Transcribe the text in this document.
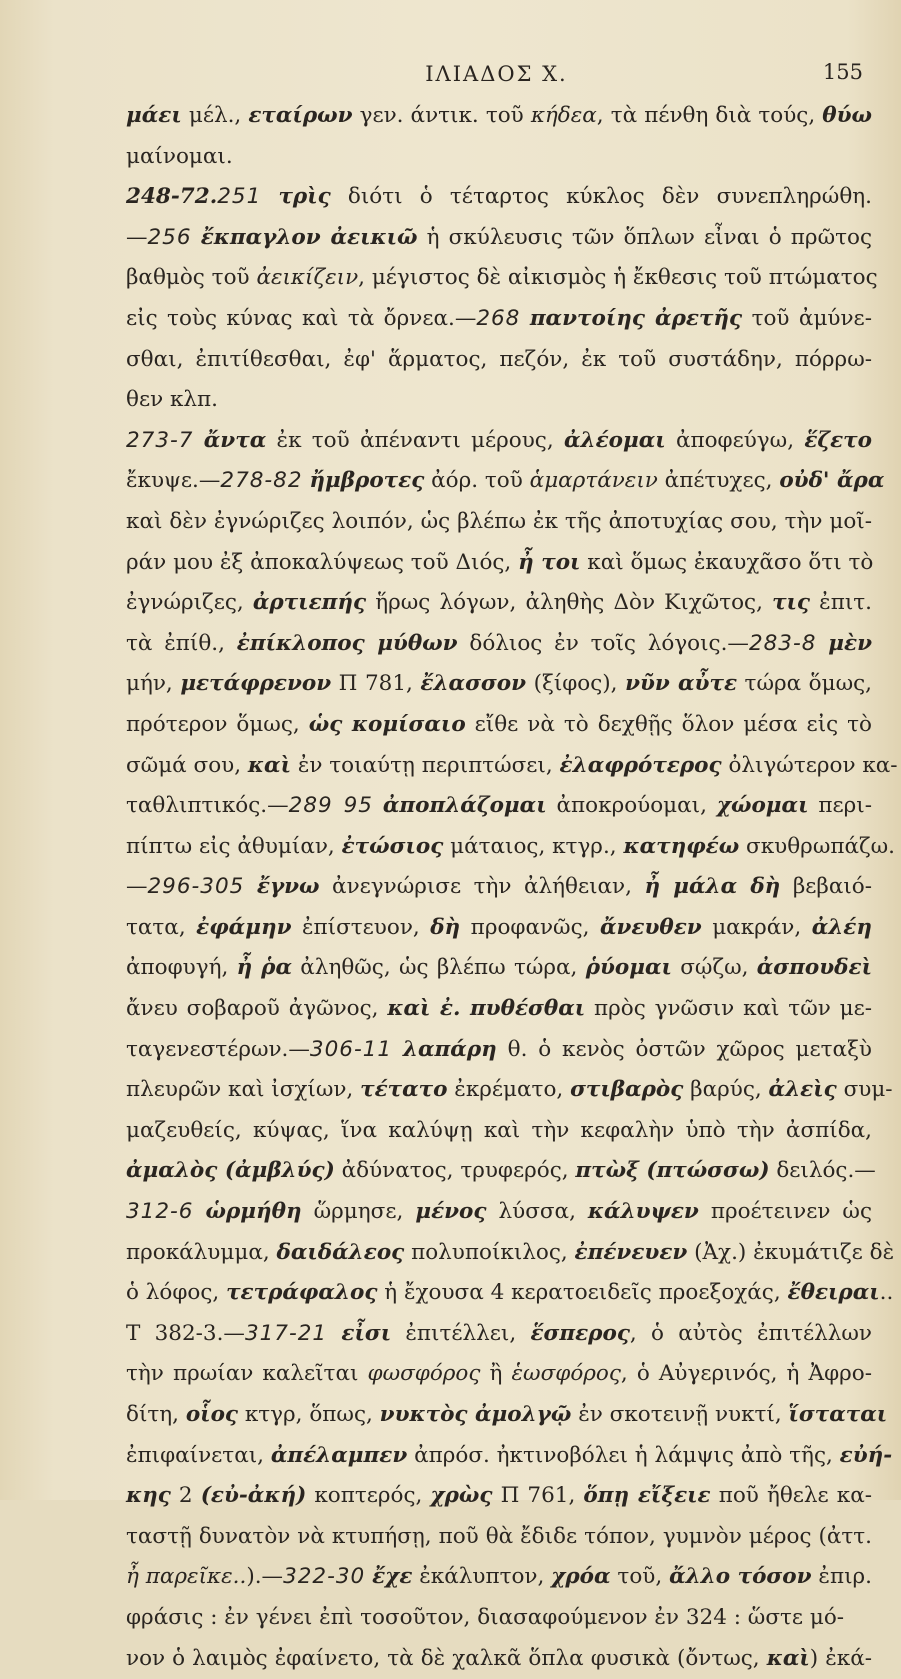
ΙΛΙΑΔΟΣ Χ.	155
μάει μέλ., εταίρων γεν. άντικ. τοῦ κήδεα, τὰ πένθη διὰ τούς, θύω
μαίνομαι.
248-72.251 τρὶς διότι ὁ τέταρτος κύκλος δὲν συνεπληρώθη.
—256 ἔκπαγλον ἀεικιῶ ἡ σκύλευσις τῶν ὅπλων εἶναι ὁ πρῶτος
βαθμὸς τοῦ ἀεικίζειν, μέγιστος δὲ αἰκισμὸς ἡ ἔκθεσις τοῦ πτώματος
εἰς τοὺς κύνας καὶ τὰ ὄρνεα.—268 παντοίης ἀρετῆς τοῦ ἀμύνε-
σθαι, ἐπιτίθεσθαι, ἐφ' ἅρματος, πεζόν, ἐκ τοῦ συστάδην, πόρρω-
θεν κλπ.
273-7 ἄντα ἐκ τοῦ ἀπέναντι μέρους, ἀλέομαι ἀποφεύγω, ἕζετο
ἔκυψε.—278-82 ἤμβροτες ἀόρ. τοῦ ἁμαρτάνειν ἀπέτυχες, οὐδ' ἄρα
καὶ δὲν ἐγνώριζες λοιπόν, ὡς βλέπω ἐκ τῆς ἀποτυχίας σου, τὴν μοῖ-
ράν μου ἐξ ἀποκαλύψεως τοῦ Διός, ἦ τοι καὶ ὅμως ἐκαυχᾶσο ὅτι τὸ
ἐγνώριζες, ἀρτιεπής ἥρως λόγων, ἀληθὴς Δὸν Κιχῶτος, τις ἐπιτ.
τὰ ἐπίθ., ἐπίκλοπος μύθων δόλιος ἐν τοῖς λόγοις.—283-8 μὲν
μήν, μετάφρενον Π 781, ἔλασσον (ξίφος), νῦν αὖτε τώρα ὅμως,
πρότερον ὅμως, ὡς κομίσαιο εἴθε νὰ τὸ δεχθῇς ὅλον μέσα εἰς τὸ
σῶμά σου, καὶ ἐν τοιαύτῃ περιπτώσει, ἐλαφρότερος ὀλιγώτερον κα-
ταθλιπτικός.—289 95 ἀποπλάζομαι ἀποκρούομαι, χώομαι περι-
πίπτω εἰς ἀθυμίαν, ἐτώσιος μάταιος, κτγρ., κατηφέω σκυθρωπάζω.
—296-305 ἔγνω ἀνεγνώρισε τὴν ἀλήθειαν, ἦ μάλα δὴ βεβαιό-
τατα, ἐφάμην ἐπίστευον, δὴ προφανῶς, ἄνευθεν μακράν, ἀλέη
ἀποφυγή, ἦ ῥα ἀληθῶς, ὡς βλέπω τώρα, ῥύομαι σῴζω, ἀσπουδεὶ
ἄνευ σοβαροῦ ἀγῶνος, καὶ ἐ. πυθέσθαι πρὸς γνῶσιν καὶ τῶν με-
ταγενεστέρων.—306-11 λαπάρη θ. ὁ κενὸς ὀστῶν χῶρος μεταξὺ
πλευρῶν καὶ ἰσχίων, τέτατο ἐκρέματο, στιβαρὸς βαρύς, ἀλεὶς συμ-
μαζευθείς, κύψας, ἵνα καλύψῃ καὶ τὴν κεφαλὴν ὑπὸ τὴν ἀσπίδα,
ἀμαλὸς (ἀμβλύς) ἀδύνατος, τρυφερός, πτὼξ (πτώσσω) δειλός.—
312-6 ὡρμήθη ὥρμησε, μένος λύσσα, κάλυψεν προέτεινεν ὡς
προκάλυμμα, δαιδάλεος πολυποίκιλος, ἐπένευεν (Ἀχ.) ἐκυμάτιζε δὲ
ὁ λόφος, τετράφαλος ἡ ἔχουσα 4 κερατοειδεῖς προεξοχάς, ἔθειραι..
Τ 382-3.—317-21 εἶσι ἐπιτέλλει, ἕσπερος, ὁ αὐτὸς ἐπιτέλλων
τὴν πρωίαν καλεῖται φωσφόρος ἢ ἑωσφόρος, ὁ Αὐγερινός, ἡ Ἀφρο-
δίτη, οἷος κτγρ, ὅπως, νυκτὸς ἀμολγῷ ἐν σκοτεινῇ νυκτί, ἵσταται
ἐπιφαίνεται, ἀπέλαμπεν ἀπρόσ. ἠκτινοβόλει ἡ λάμψις ἀπὸ τῆς, εὐή-
κης 2 (εὐ-ἀκή) κοπτερός, χρὼς Π 761, ὅπῃ εἴξειε ποῦ ἤθελε κα-
ταστῇ δυνατὸν νὰ κτυπήσῃ, ποῦ θὰ ἔδιδε τόπον, γυμνὸν μέρος (ἀττ.
ἦ παρεῖκε..).—322-30 ἔχε ἐκάλυπτον, χρόα τοῦ, ἄλλο τόσον ἐπιρ.
φράσις : ἐν γένει ἐπὶ τοσοῦτον, διασαφούμενον ἐν 324 : ὥστε μό-
νον ὁ λαιμὸς ἐφαίνετο, τὰ δὲ χαλκᾶ ὅπλα φυσικὰ (ὄντως, καὶ) ἐκά-
